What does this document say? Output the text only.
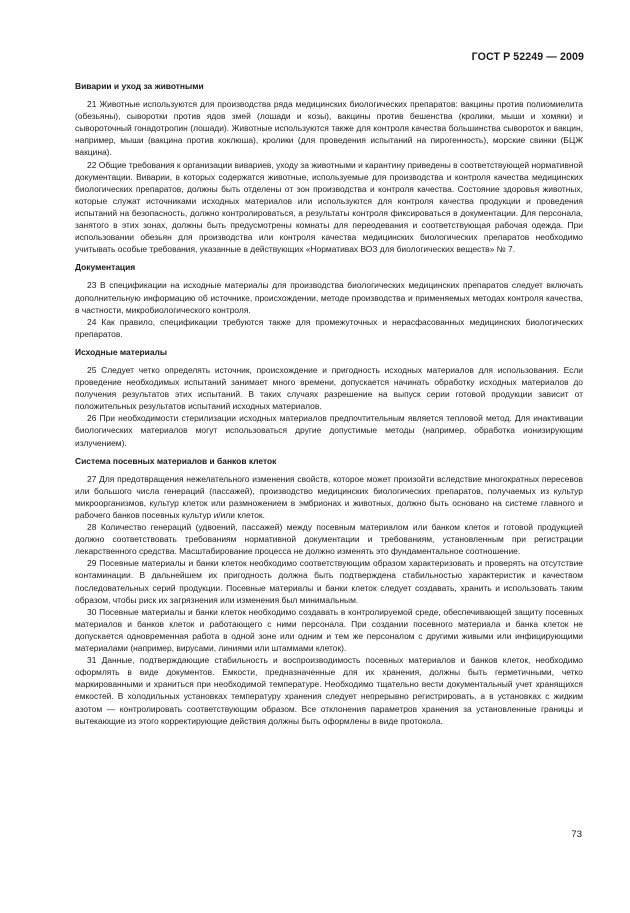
ГОСТ Р 52249 — 2009
Виварии и уход за животными

21 Животные используются для производства ряда медицинских биологических препаратов: вакцины против полиомиелита (обезьяны), сыворотки против ядов змей (лошади и козы), вакцины против бешенства (кролики, мыши и хомяки) и сывороточный гонадотропин (лошади). Животные используются также для контроля качества большинства сывороток и вакцин, например, мыши (вакцина против коклюша), кролики (для проведения испытаний на пирогенность), морские свинки (БЦЖ вакцина).

22 Общие требования к организации вивариев, уходу за животными и карантину приведены в соответствующей нормативной документации. Виварии, в которых содержатся животные, используемые для производства и контроля качества медицинских биологических препаратов, должны быть отделены от зон производства и контроля качества. Состояние здоровья животных, которые служат источниками исходных материалов или используются для контроля качества продукции и проведения испытаний на безопасность, должно контролироваться, а результаты контроля фиксироваться в документации. Для персонала, занятого в этих зонах, должны быть предусмотрены комнаты для переодевания и соответствующая рабочая одежда. При использовании обезьян для производства или контроля качества медицинских биологических препаратов необходимо учитывать особые требования, указанные в действующих «Нормативах ВОЗ для биологических веществ» № 7.

Документация

23 В спецификации на исходные материалы для производства биологических медицинских препаратов следует включать дополнительную информацию об источнике, происхождении, методе производства и применяемых методах контроля качества, в частности, микробиологического контроля.

24 Как правило, спецификации требуются также для промежуточных и нерасфасованных медицинских биологических препаратов.

Исходные материалы

25 Следует четко определять источник, происхождение и пригодность исходных материалов для использования. Если проведение необходимых испытаний занимает много времени, допускается начинать обработку исходных материалов до получения результатов этих испытаний. В таких случаях разрешение на выпуск серии готовой продукции зависит от положительных результатов испытаний исходных материалов.

26 При необходимости стерилизации исходных материалов предпочтительным является тепловой метод. Для инактивации биологических материалов могут использоваться другие допустимые методы (например, обработка ионизирующим излучением).

Система посевных материалов и банков клеток

27 Для предотвращения нежелательного изменения свойств, которое может произойти вследствие многократных пересевов или большого числа генераций (пассажей), производство медицинских биологических препаратов, получаемых из культур микроорганизмов, культур клеток или размножением в эмбрионах и животных, должно быть основано на системе главного и рабочего банков посевных культур и/или клеток.

28 Количество генераций (удвоений, пассажей) между посевным материалом или банком клеток и готовой продукцией должно соответствовать требованиям нормативной документации и требованиям, установленным при регистрации лекарственного средства. Масштабирование процесса не должно изменять это фундаментальное соотношение.

29 Посевные материалы и банки клеток необходимо соответствующим образом характеризовать и проверять на отсутствие контаминации. В дальнейшем их пригодность должна быть подтверждена стабильностью характеристик и качеством последовательных серий продукции. Посевные материалы и банки клеток следует создавать, хранить и использовать таким образом, чтобы риск их загрязнения или изменения был минимальным.

30 Посевные материалы и банки клеток необходимо создавать в контролируемой среде, обеспечивающей защиту посевных материалов и банков клеток и работающего с ними персонала. При создании посевного материала и банка клеток не допускается одновременная работа в одной зоне или одним и тем же персоналом с другими живыми или инфицирующими материалами (например, вирусами, линиями или штаммами клеток).

31 Данные, подтверждающие стабильность и воспроизводимость посевных материалов и банков клеток, необходимо оформлять в виде документов. Емкости, предназначенные для их хранения, должны быть герметичными, четко маркированными и храниться при необходимой температуре. Необходимо тщательно вести документальный учет хранящихся емкостей. В холодильных установках температуру хранения следует непрерывно регистрировать, а в установках с жидким азотом — контролировать соответствующим образом. Все отклонения параметров хранения за установленные границы и вытекающие из этого корректирующие действия должны быть оформлены в виде протокола.

73
